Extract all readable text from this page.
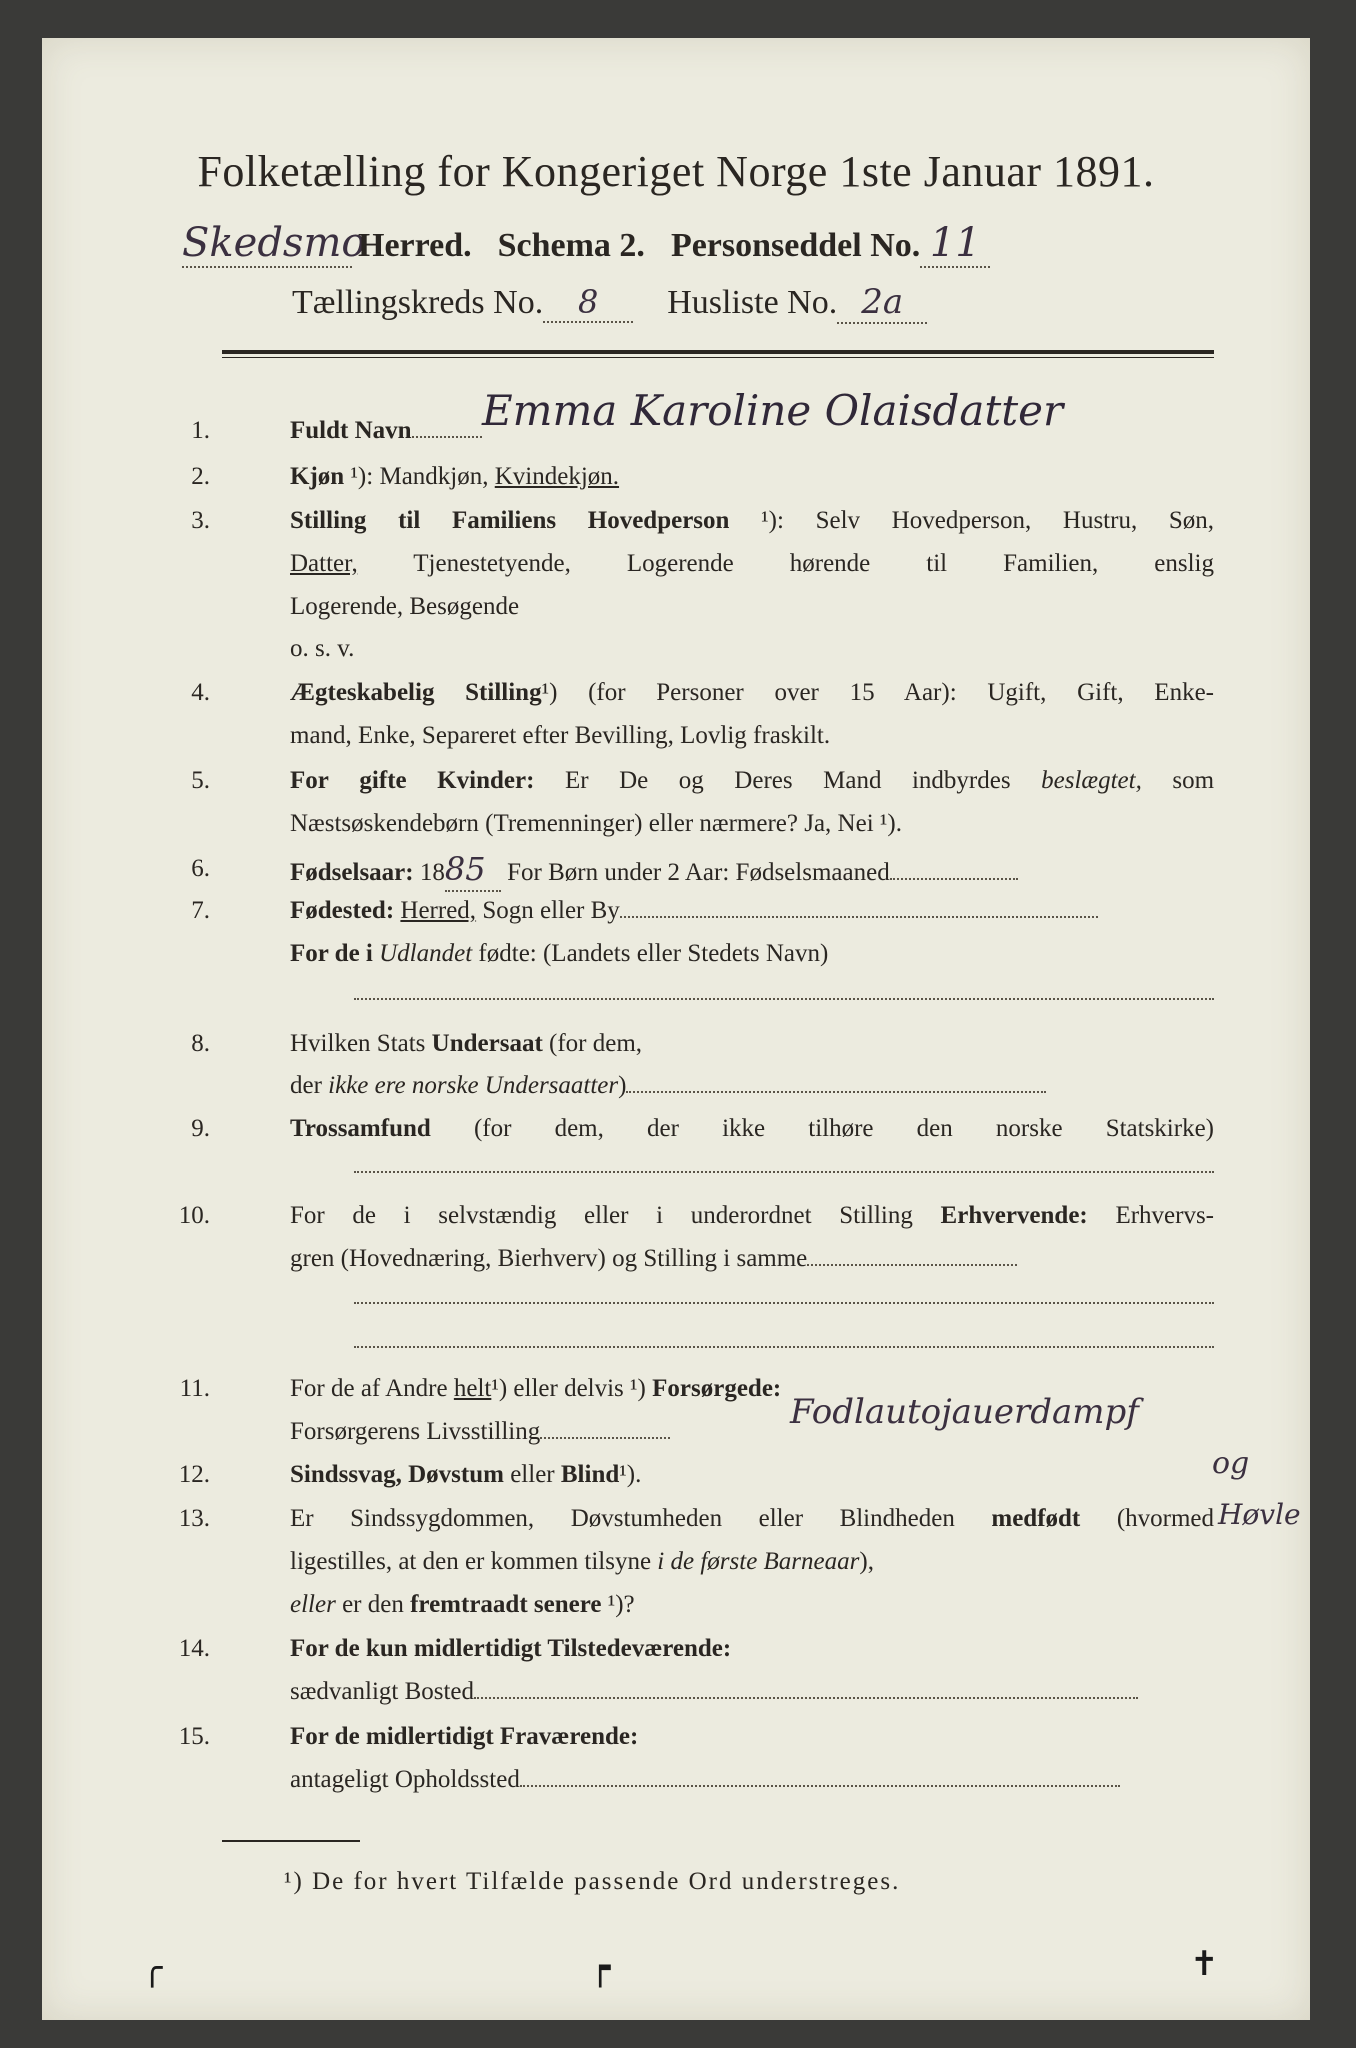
Folketælling for Kongeriget Norge 1ste Januar 1891.
Skedsmo
Herred. Schema 2. Personseddel No. 11
Tællingskreds No.	8	Husliste No. 2a
1.	Fuldt Navn	Emma Karoline Olaisdatter
2.	Kjøn ¹): Mandkjøn, Kvindekjøn.
3.	Stilling til Familiens Hovedperson ¹): Selv Hovedperson, Hustru, Søn,
Datter, Tjenestetyende, Logerende hørende til Familien, enslig
Logerende, Besøgende
o. s. v.
4.	Ægteskabelig Stilling¹) (for Personer over 15 Aar): Ugift, Gift, Enke-
mand, Enke, Separeret efter Bevilling, Lovlig fraskilt.
5.	For gifte Kvinder: Er De og Deres Mand indbyrdes beslægtet, som
Næstsøskendebørn (Tremenninger) eller nærmere? Ja, Nei ¹).
6.	Fødselsaar: 1885 For Børn under 2 Aar: Fødselsmaaned
7.	Fødested: Herred, Sogn eller By
For de i Udlandet fødte: (Landets eller Stedets Navn)
8.	Hvilken Stats Undersaat (for dem,
der ikke ere norske Undersaatter)
9.	Trossamfund (for dem, der ikke tilhøre den norske Statskirke)
10.	For de i selvstændig eller i underordnet Stilling Erhvervende: Erhvervs-
gren (Hovednæring, Bierhverv) og Stilling i samme
11.	For de af Andre helt¹) eller delvis ¹) Forsørgede:
Forsørgerens Livsstilling	Fodlautojauerdampf
12.	Sindssvag, Døvstum eller Blind¹).	og
13.	Er Sindssygdommen, Døvstumheden eller Blindheden medfødt (hvormed Høvle
ligestilles, at den er kommen tilsyne i de første Barneaar),
eller er den fremtraadt senere ¹)?
14.	For de kun midlertidigt Tilstedeværende:
sædvanligt Bosted
15.	For de midlertidigt Fraværende:
antageligt Opholdssted
¹) De for hvert Tilfælde passende Ord understreges.
╭	┍	✝
